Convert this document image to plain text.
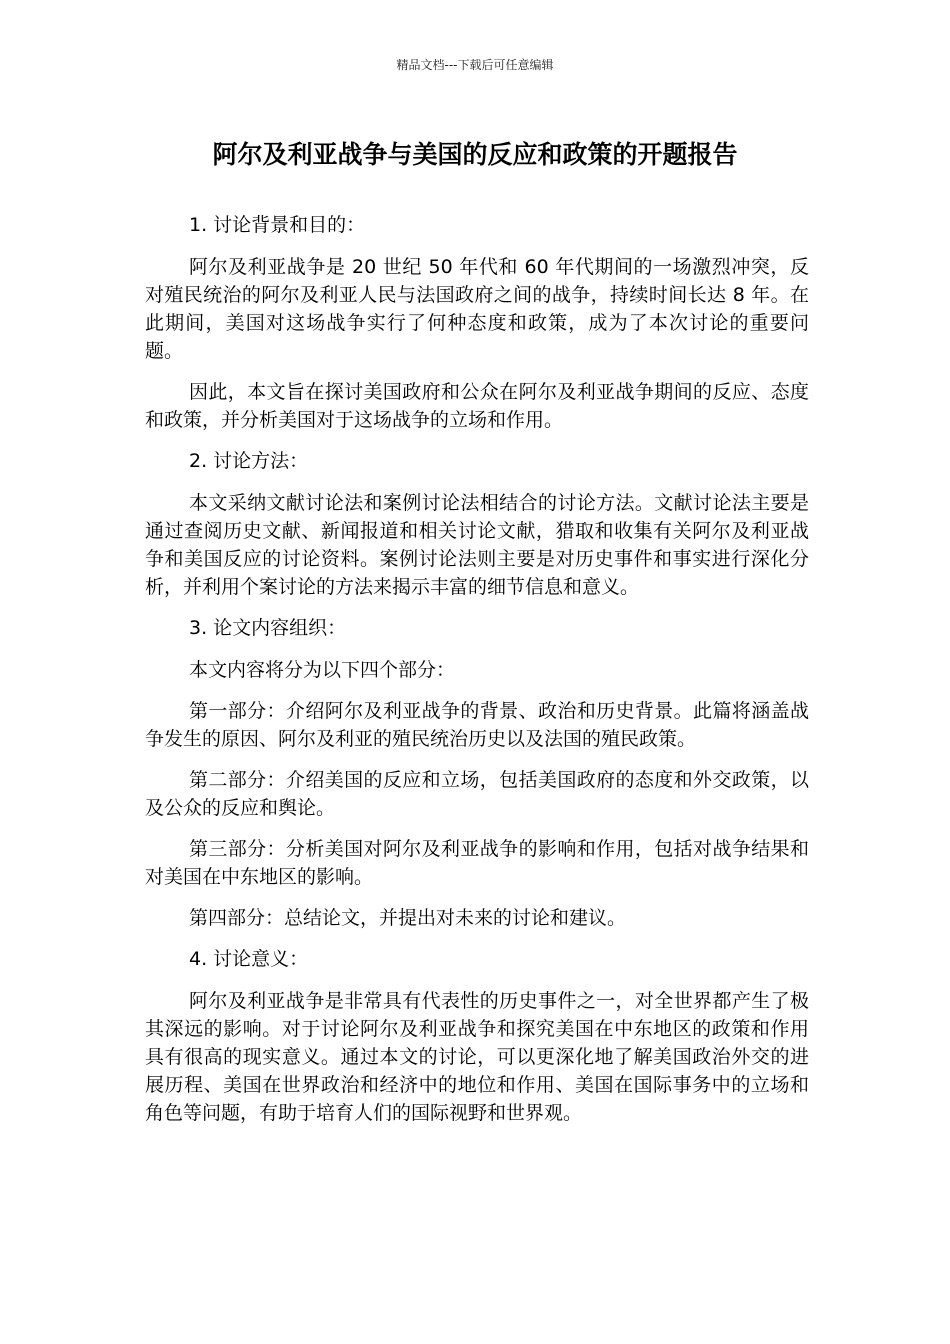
精品文档---下载后可任意编辑
阿尔及利亚战争与美国的反应和政策的开题报告

1. 讨论背景和目的：

阿尔及利亚战争是 20 世纪 50 年代和 60 年代期间的一场激烈冲突，反对殖民统治的阿尔及利亚人民与法国政府之间的战争，持续时间长达 8 年。在此期间，美国对这场战争实行了何种态度和政策，成为了本次讨论的重要问题。

因此，本文旨在探讨美国政府和公众在阿尔及利亚战争期间的反应、态度和政策，并分析美国对于这场战争的立场和作用。

2. 讨论方法：

本文采纳文献讨论法和案例讨论法相结合的讨论方法。文献讨论法主要是通过查阅历史文献、新闻报道和相关讨论文献，猎取和收集有关阿尔及利亚战争和美国反应的讨论资料。案例讨论法则主要是对历史事件和事实进行深化分析，并利用个案讨论的方法来揭示丰富的细节信息和意义。

3. 论文内容组织：

本文内容将分为以下四个部分：

第一部分：介绍阿尔及利亚战争的背景、政治和历史背景。此篇将涵盖战争发生的原因、阿尔及利亚的殖民统治历史以及法国的殖民政策。

第二部分：介绍美国的反应和立场，包括美国政府的态度和外交政策，以及公众的反应和舆论。

第三部分：分析美国对阿尔及利亚战争的影响和作用，包括对战争结果和对美国在中东地区的影响。

第四部分：总结论文，并提出对未来的讨论和建议。

4. 讨论意义：

阿尔及利亚战争是非常具有代表性的历史事件之一，对全世界都产生了极其深远的影响。对于讨论阿尔及利亚战争和探究美国在中东地区的政策和作用具有很高的现实意义。通过本文的讨论，可以更深化地了解美国政治外交的进展历程、美国在世界政治和经济中的地位和作用、美国在国际事务中的立场和角色等问题，有助于培育人们的国际视野和世界观。
